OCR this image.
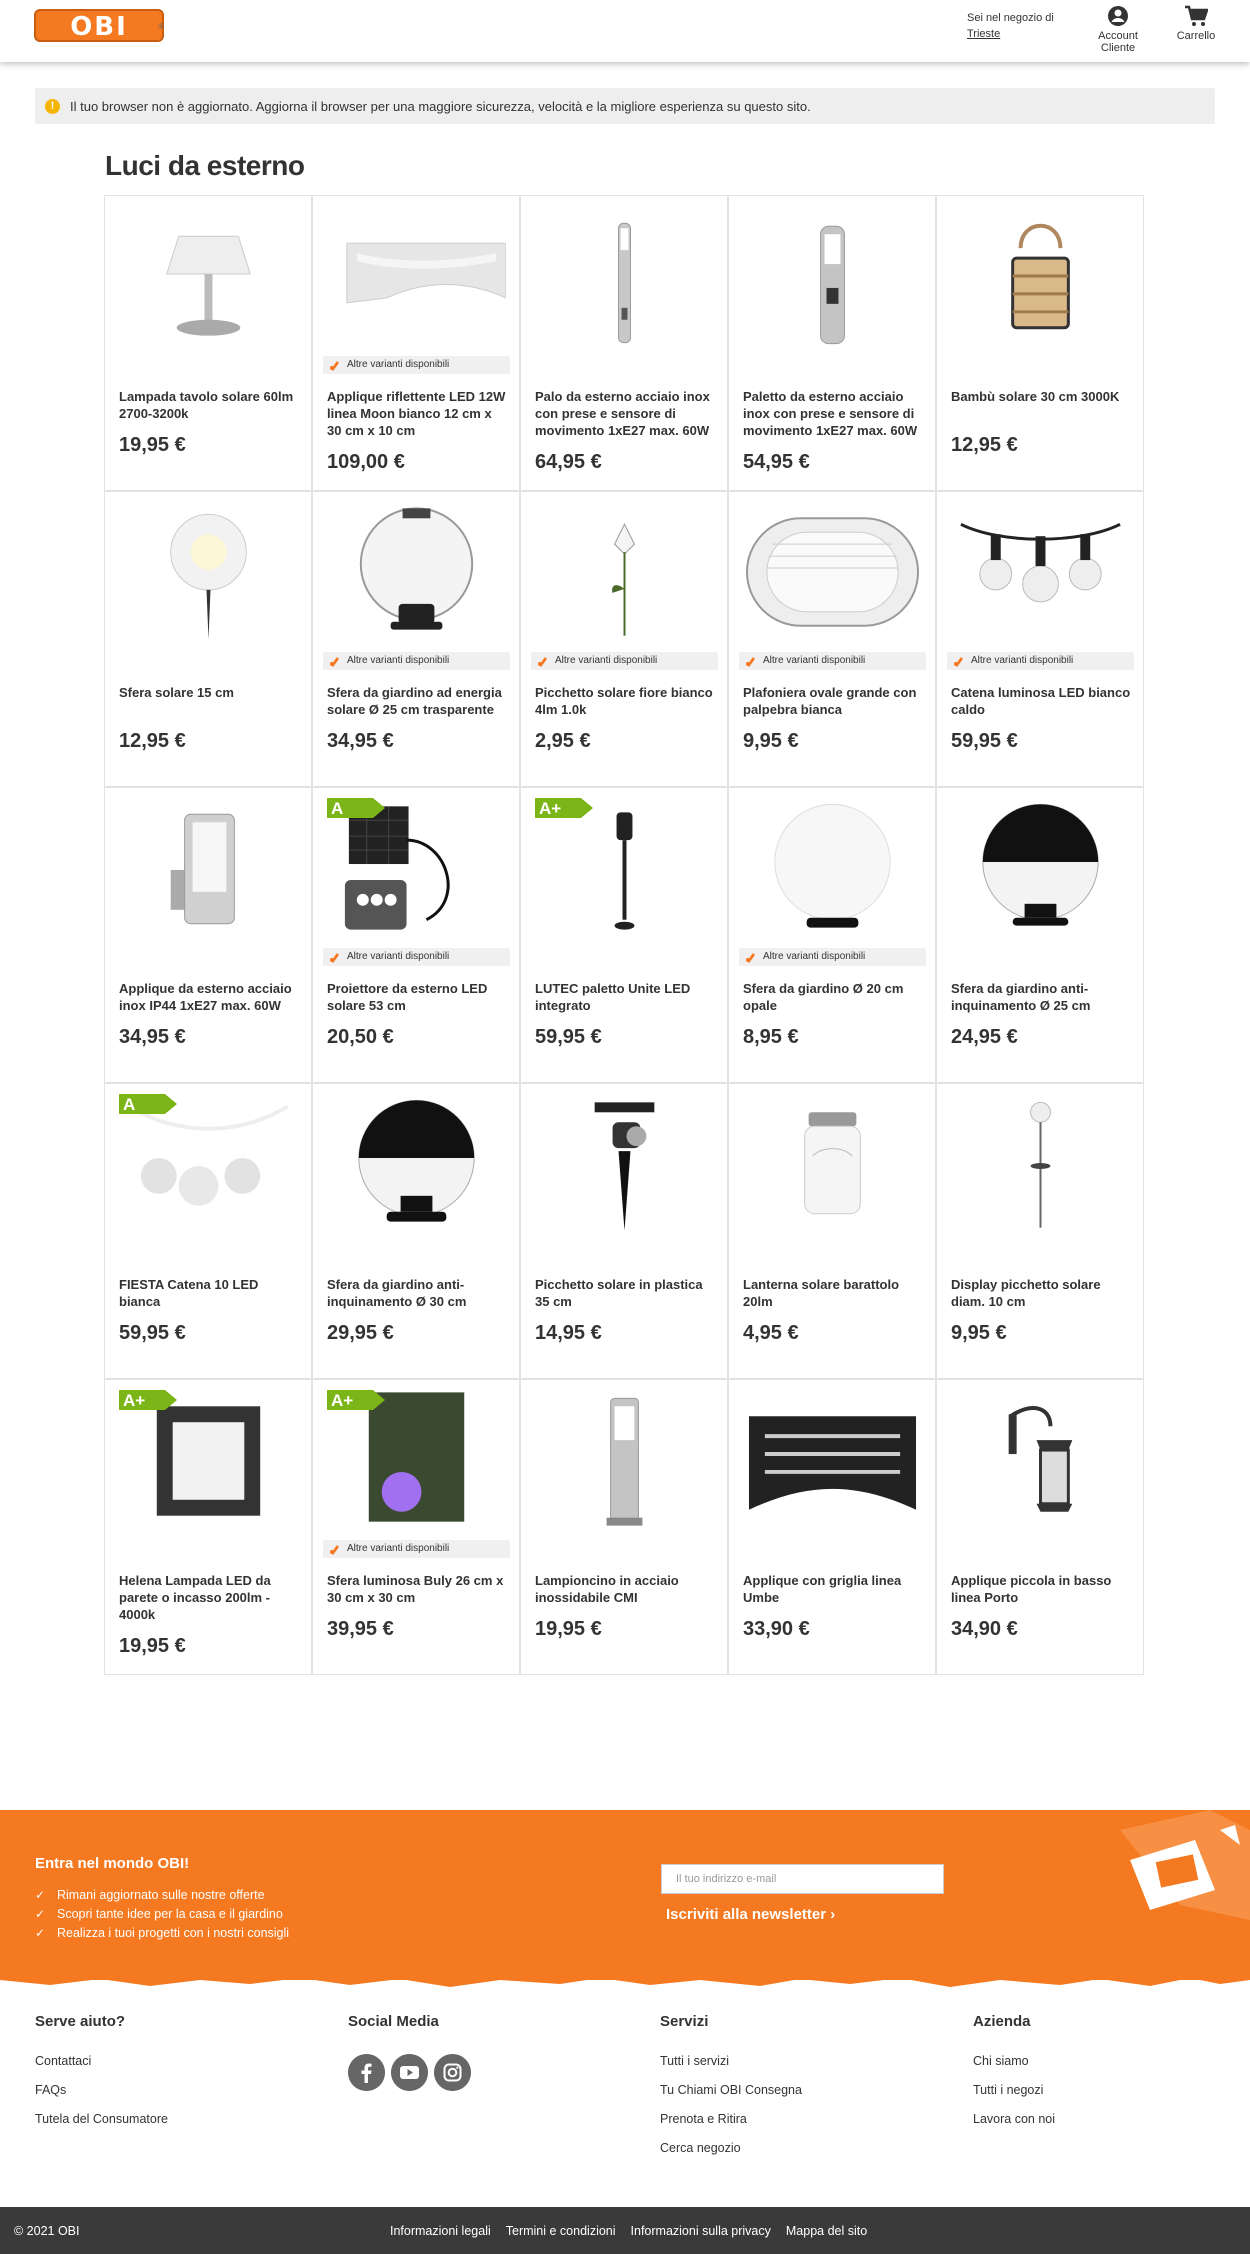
OBI	®
Sei nel negozio di
Trieste	Account Cliente
Carrello
!	Il tuo browser non è aggiornato. Aggiorna il browser per una maggiore sicurezza, velocità e la migliore esperienza su questo sito.
Luci da esterno
Lampada tavolo solare 60lm 2700-3200k
19,95 €
Altre varianti disponibili
Applique riflettente LED 12W linea Moon bianco 12 cm x 30 cm x 10 cm
109,00 €
Palo da esterno acciaio inox con prese e sensore di movimento 1xE27 max. 60W
64,95 €
Paletto da esterno acciaio inox con prese e sensore di movimento 1xE27 max. 60W
54,95 €
Bambù solare 30 cm 3000K
12,95 €
Sfera solare 15 cm
12,95 €
Altre varianti disponibili
Sfera da giardino ad energia solare Ø 25 cm trasparente
34,95 €
Altre varianti disponibili
Picchetto solare fiore bianco 4lm 1.0k
2,95 €
Altre varianti disponibili
Plafoniera ovale grande con palpebra bianca
9,95 €
Altre varianti disponibili
Catena luminosa LED bianco caldo
59,95 €
Applique da esterno acciaio inox IP44 1xE27 max. 60W
34,95 €
A
Altre varianti disponibili
Proiettore da esterno LED solare 53 cm
20,50 €
A+
LUTEC paletto Unite LED integrato
59,95 €
Altre varianti disponibili
Sfera da giardino Ø 20 cm opale
8,95 €
Sfera da giardino anti-inquinamento Ø 25 cm
24,95 €
A
FIESTA Catena 10 LED bianca
59,95 €
Sfera da giardino anti-inquinamento Ø 30 cm
29,95 €
Picchetto solare in plastica 35 cm
14,95 €
Lanterna solare barattolo 20lm
4,95 €
Display picchetto solare diam. 10 cm
9,95 €
A+
Helena Lampada LED da parete o incasso 200lm - 4000k
19,95 €
A+
Altre varianti disponibili
Sfera luminosa Buly 26 cm x 30 cm x 30 cm
39,95 €
Lampioncino in acciaio inossidabile CMI
19,95 €
Applique con griglia linea Umbe
33,90 €
Applique piccola in basso linea Porto
34,90 €
Entra nel mondo OBI!
✓ Rimani aggiornato sulle nostre offerte
✓ Scopri tante idee per la casa e il giardino
✓ Realizza i tuoi progetti con i nostri consigli
Il tuo indirizzo e-mail
Iscriviti alla newsletter ›
Serve aiuto?
Contattaci
FAQs
Tutela del Consumatore
Social Media	Servizi
Tutti i servizi
Tu Chiami OBI Consegna
Prenota e Ritira
Cerca negozio
Azienda
Chi siamo
Tutti i negozi
Lavora con noi
© 2021 OBI	Informazioni legali Termini e condizioni Informazioni sulla privacy Mappa del sito
